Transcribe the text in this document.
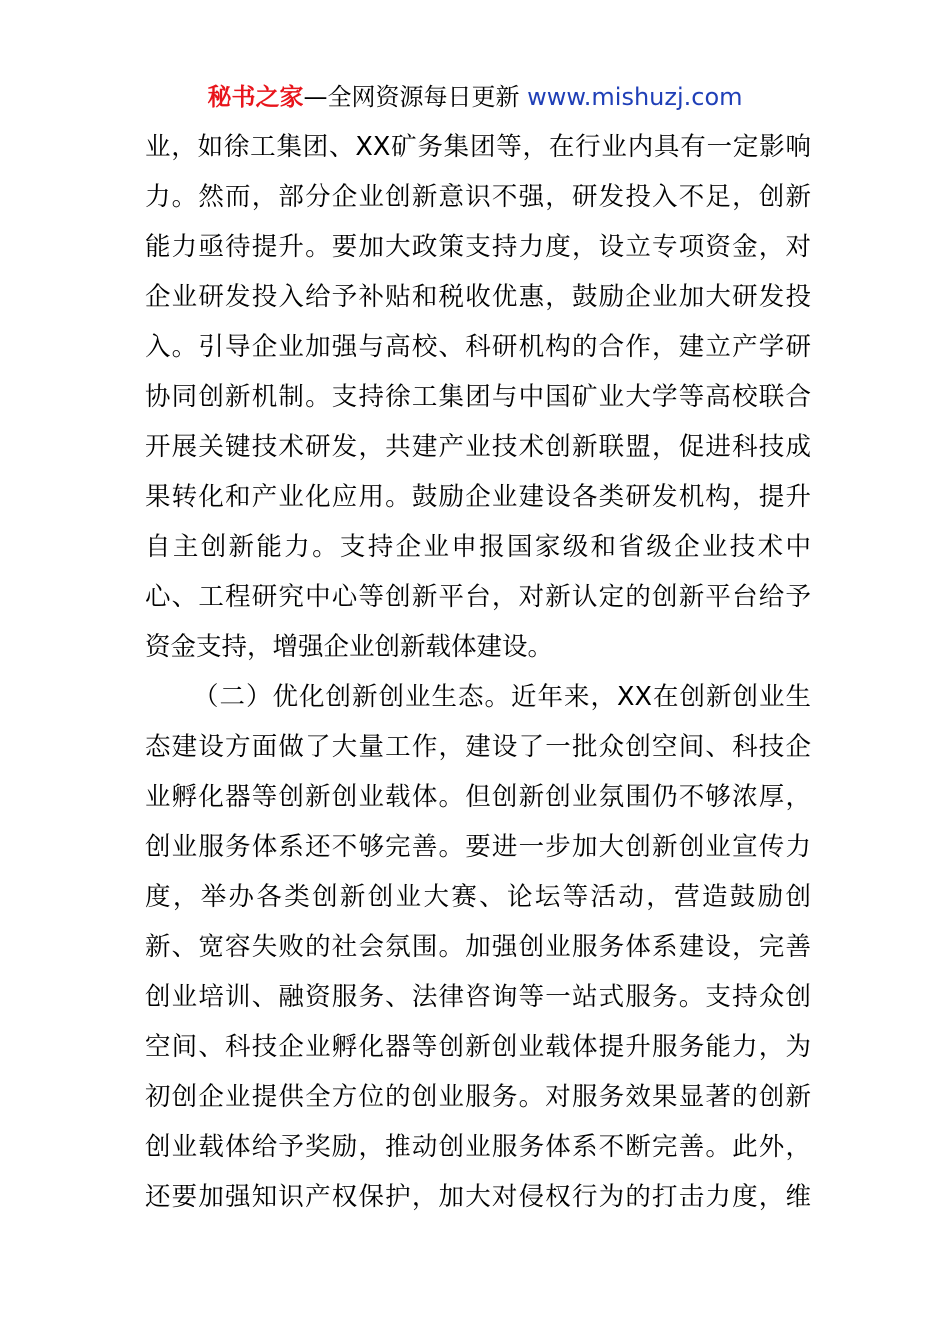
秘书之家—全网资源每日更新 www.mishuzj.com
业，如徐工集团、XX矿务集团等，在行业内具有一定影响
力。然而，部分企业创新意识不强，研发投入不足，创新
能力亟待提升。要加大政策支持力度，设立专项资金，对
企业研发投入给予补贴和税收优惠，鼓励企业加大研发投
入。引导企业加强与高校、科研机构的合作，建立产学研
协同创新机制。支持徐工集团与中国矿业大学等高校联合
开展关键技术研发，共建产业技术创新联盟，促进科技成
果转化和产业化应用。鼓励企业建设各类研发机构，提升
自主创新能力。支持企业申报国家级和省级企业技术中
心、工程研究中心等创新平台，对新认定的创新平台给予
资金支持，增强企业创新载体建设。
（二）优化创新创业生态。近年来，XX在创新创业生
态建设方面做了大量工作，建设了一批众创空间、科技企
业孵化器等创新创业载体。但创新创业氛围仍不够浓厚，
创业服务体系还不够完善。要进一步加大创新创业宣传力
度，举办各类创新创业大赛、论坛等活动，营造鼓励创
新、宽容失败的社会氛围。加强创业服务体系建设，完善
创业培训、融资服务、法律咨询等一站式服务。支持众创
空间、科技企业孵化器等创新创业载体提升服务能力，为
初创企业提供全方位的创业服务。对服务效果显著的创新
创业载体给予奖励，推动创业服务体系不断完善。此外，
还要加强知识产权保护，加大对侵权行为的打击力度，维
